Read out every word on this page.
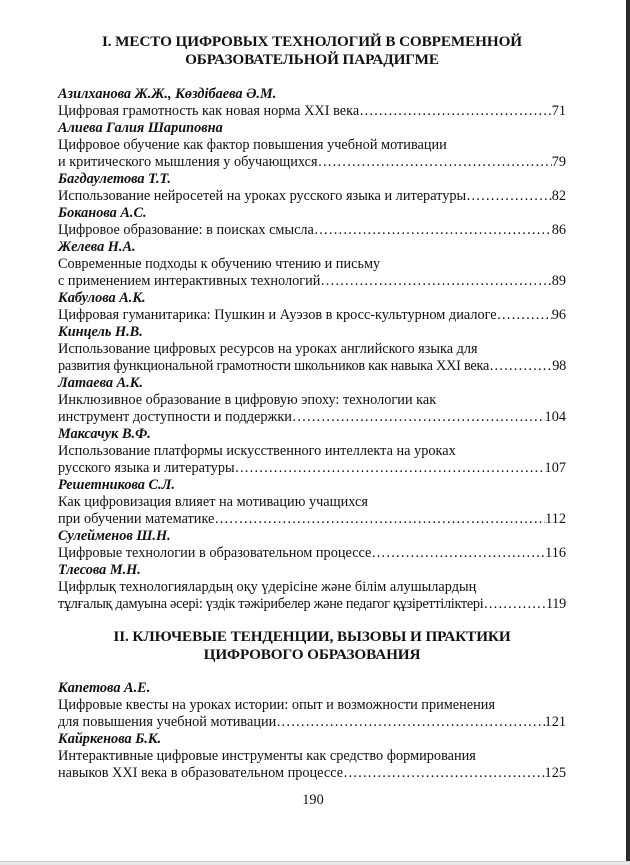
I. МЕСТО ЦИФРОВЫХ ТЕХНОЛОГИЙ В СОВРЕМЕННОЙ
ОБРАЗОВАТЕЛЬНОЙ ПАРАДИГМЕ
Азилханова Ж.Ж., Көздібаева Ә.М.
Цифровая грамотность как новая норма XXI века ……………………………………………………………………………………………………………………………………………	71
Алиева Галия Шариповна
Цифровое обучение как фактор повышения учебной мотивации
и критического мышления у обучающихся ……………………………………………………………………………………………………………………………………………	79
Багдаулетова Т.Т.
Использование нейросетей на уроках русского языка и литературы ……………………………………………………………………………………………………………………………………………	82
Боканова А.С.
Цифровое образование: в поисках смысла ……………………………………………………………………………………………………………………………………………	86
Желева Н.А.
Современные подходы к обучению чтению и письму
с применением интерактивных технологий ……………………………………………………………………………………………………………………………………………	89
Кабулова А.К.
Цифровая гуманитарика: Пушкин и Ауэзов в кросс-культурном диалоге ……………………………………………………………………………………………………………………………………………	96
Кинцель Н.В.
Использование цифровых ресурсов на уроках английского языка для
развития функциональной грамотности школьников как навыка XXI века ……………………………………………………………………………………………………………………………………………	98
Латаева А.К.
Инклюзивное образование в цифровую эпоху: технологии как
инструмент доступности и поддержки ……………………………………………………………………………………………………………………………………………	104
Максачук В.Ф.
Использование платформы искусственного интеллекта на уроках
русского языка и литературы ……………………………………………………………………………………………………………………………………………	107
Решетникова С.Л.
Как цифровизация влияет на мотивацию учащихся
при обучении математике ……………………………………………………………………………………………………………………………………………	112
Сулейменов Ш.Н.
Цифровые технологии в образовательном процессе ……………………………………………………………………………………………………………………………………………	116
Тлесова М.Н.
Цифрлық технологиялардың оқу үдерісіне және білім алушылардың
тұлғалық дамуына әсері: үздік тәжірибелер және педагог құзіреттіліктері ……………………………………………………………………………………………………………………………………………	119
II. КЛЮЧЕВЫЕ ТЕНДЕНЦИИ, ВЫЗОВЫ И ПРАКТИКИ
ЦИФРОВОГО ОБРАЗОВАНИЯ
Капетова А.Е.
Цифровые квесты на уроках истории: опыт и возможности применения
для повышения учебной мотивации ……………………………………………………………………………………………………………………………………………	121
Кайркенова Б.К.
Интерактивные цифровые инструменты как средство формирования
навыков XXI века в образовательном процессе ……………………………………………………………………………………………………………………………………………	125
190
